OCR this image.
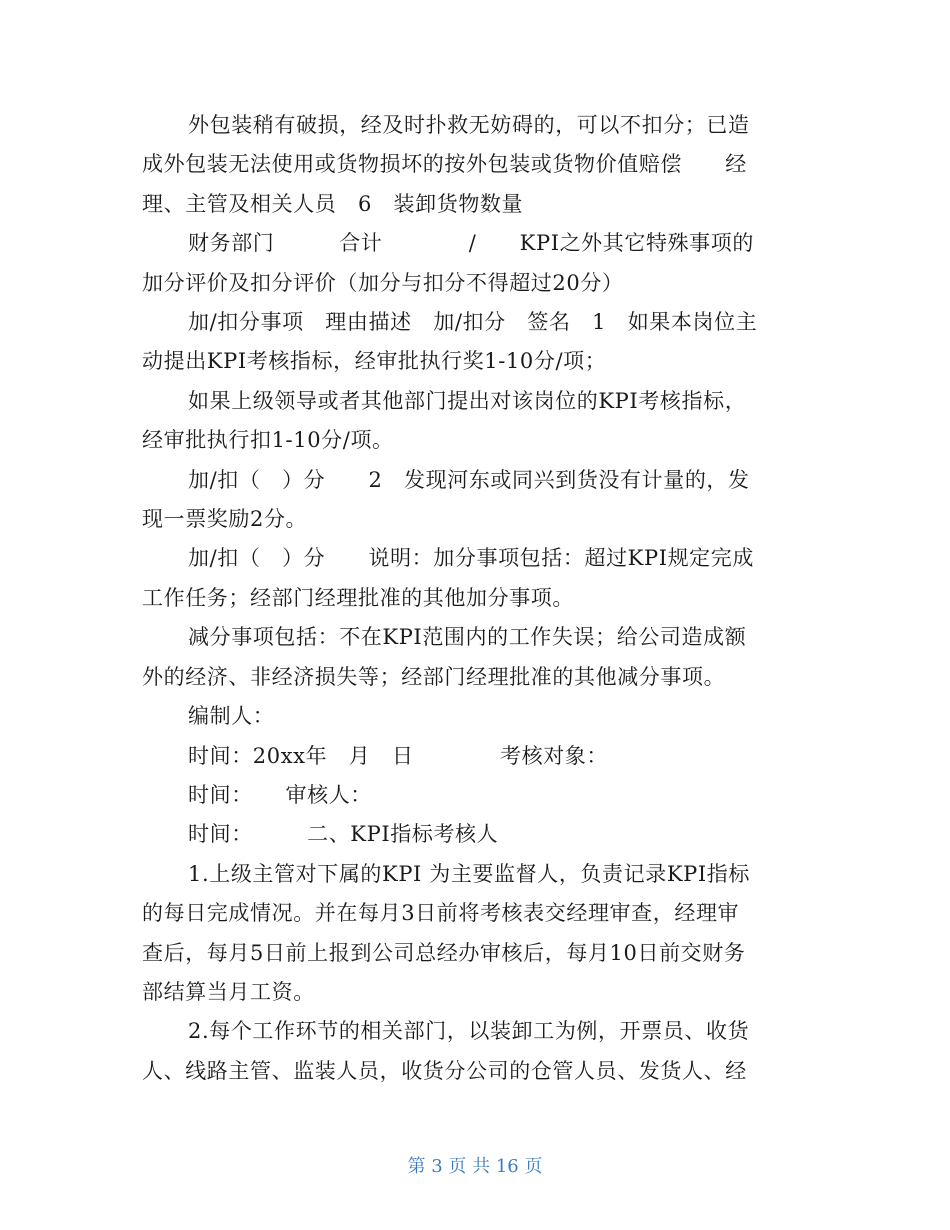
外包装稍有破损，经及时扑救无妨碍的，可以不扣分；已造
成外包装无法使用或货物损坏的按外包装或货物价值赔偿　　经
理、主管及相关人员　6　装卸货物数量
财务部门　　　合计　　　　/　　KPI之外其它特殊事项的
加分评价及扣分评价（加分与扣分不得超过20分）
加/扣分事项　理由描述　加/扣分　签名　1　如果本岗位主
动提出KPI考核指标，经审批执行奖1-10分/项；
如果上级领导或者其他部门提出对该岗位的KPI考核指标，
经审批执行扣1-10分/项。
加/扣（　）分　　2　发现河东或同兴到货没有计量的，发
现一票奖励2分。
加/扣（　）分　　说明：加分事项包括：超过KPI规定完成
工作任务；经部门经理批准的其他加分事项。
减分事项包括：不在KPI范围内的工作失误；给公司造成额
外的经济、非经济损失等；经部门经理批准的其他减分事项。
编制人：
时间：20xx年　月　日　　　　考核对象：
时间：　　审核人：
时间：　　　二、KPI指标考核人
1.上级主管对下属的KPI 为主要监督人，负责记录KPI指标
的每日完成情况。并在每月3日前将考核表交经理审查，经理审
查后，每月5日前上报到公司总经办审核后，每月10日前交财务
部结算当月工资。
2.每个工作环节的相关部门，以装卸工为例，开票员、收货
人、线路主管、监装人员，收货分公司的仓管人员、发货人、经
第 3 页 共 16 页
